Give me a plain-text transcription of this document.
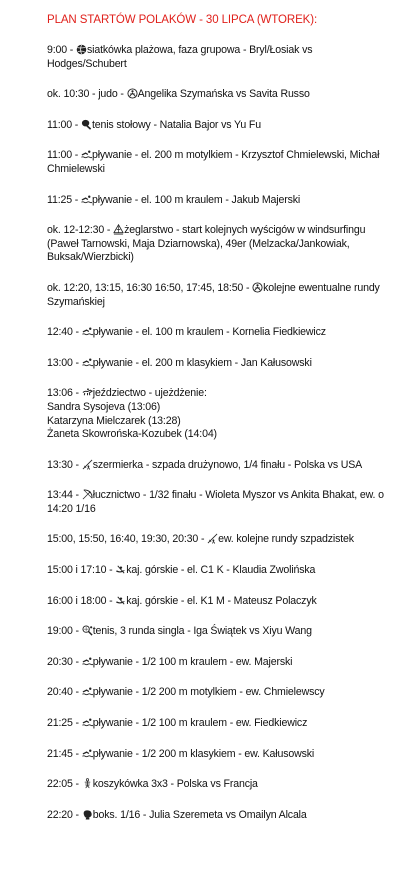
PLAN STARTÓW POLAKÓW - 30 LIPCA (WTOREK):
9:00 -
siatkówka plażowa, faza grupowa - Bryl/Łosiak vs Hodges/Schubert
ok. 10:30 - judo -
Angelika Szymańska vs Savita Russo
11:00 -
tenis stołowy - Natalia Bajor vs Yu Fu
11:00 -
pływanie - el. 200 m motylkiem - Krzysztof Chmielewski, Michał Chmielewski
11:25 -
pływanie - el. 100 m kraulem - Jakub Majerski
ok. 12-12:30 -
żeglarstwo - start kolejnych wyścigów w windsurfingu (Paweł Tarnowski, Maja Dziarnowska), 49er (Melzacka/Jankowiak, Buksak/Wierzbicki)
ok. 12:20, 13:15, 16:30 16:50, 17:45, 18:50 -
kolejne ewentualne rundy Szymańskiej
12:40 -
pływanie - el. 100 m kraulem - Kornelia Fiedkiewicz
13:00 -
pływanie - el. 200 m klasykiem - Jan Kałusowski
13:06 -
jeździectwo - ujeżdżenie:
Sandra Sysojeva (13:06)
Katarzyna Mielczarek (13:28)
Żaneta Skowrońska-Kozubek (14:04)
13:30 -
szermierka - szpada drużynowo, 1/4 finału - Polska vs USA
13:44 -
łucznictwo - 1/32 finału - Wioleta Myszor vs Ankita Bhakat, ew. o 14:20 1/16
15:00, 15:50, 16:40, 19:30, 20:30 -
ew. kolejne rundy szpadzistek
15:00 i 17:10 -
kaj. górskie - el. C1 K - Klaudia Zwolińska
16:00 i 18:00 -
kaj. górskie - el. K1 M - Mateusz Polaczyk
19:00 -
tenis, 3 runda singla - Iga Świątek vs Xiyu Wang
20:30 -
pływanie - 1/2 100 m kraulem - ew. Majerski
20:40 -
pływanie - 1/2 200 m motylkiem - ew. Chmielewscy
21:25 -
pływanie - 1/2 100 m kraulem - ew. Fiedkiewicz
21:45 -
pływanie - 1/2 200 m klasykiem - ew. Kałusowski
22:05 -
koszykówka 3x3 - Polska vs Francja
22:20 -
boks. 1/16 - Julia Szeremeta vs Omailyn Alcala
